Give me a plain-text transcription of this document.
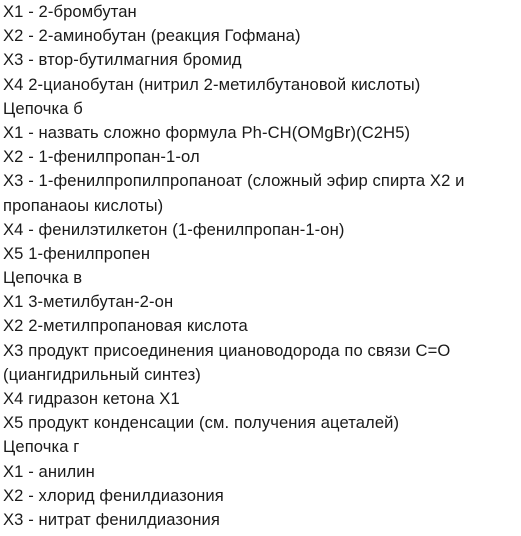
X1 - 2-бромбутан
X2 - 2-аминобутан (реакция Гофмана)
X3 - втор-бутилмагния бромид
X4 2-цианобутан (нитрил 2-метилбутановой кислоты)
Цепочка б
X1 - назвать сложно формула Ph-CH(OMgBr)(C2H5)
X2 - 1-фенилпропан-1-ол
X3 - 1-фенилпропилпропаноат (сложный эфир спирта X2 и
пропанаоы кислоты)
X4 - фенилэтилкетон (1-фенилпропан-1-он)
X5 1-фенилпропен
Цепочка в
X1 3-метилбутан-2-он
X2 2-метилпропановая кислота
X3 продукт присоединения циановодорода по связи C=O
(циангидрильный синтез)
X4 гидразон кетона X1
X5 продукт конденсации (см. получения ацеталей)
Цепочка г
X1 - анилин
X2 - хлорид фенилдиазония
X3 - нитрат фенилдиазония
